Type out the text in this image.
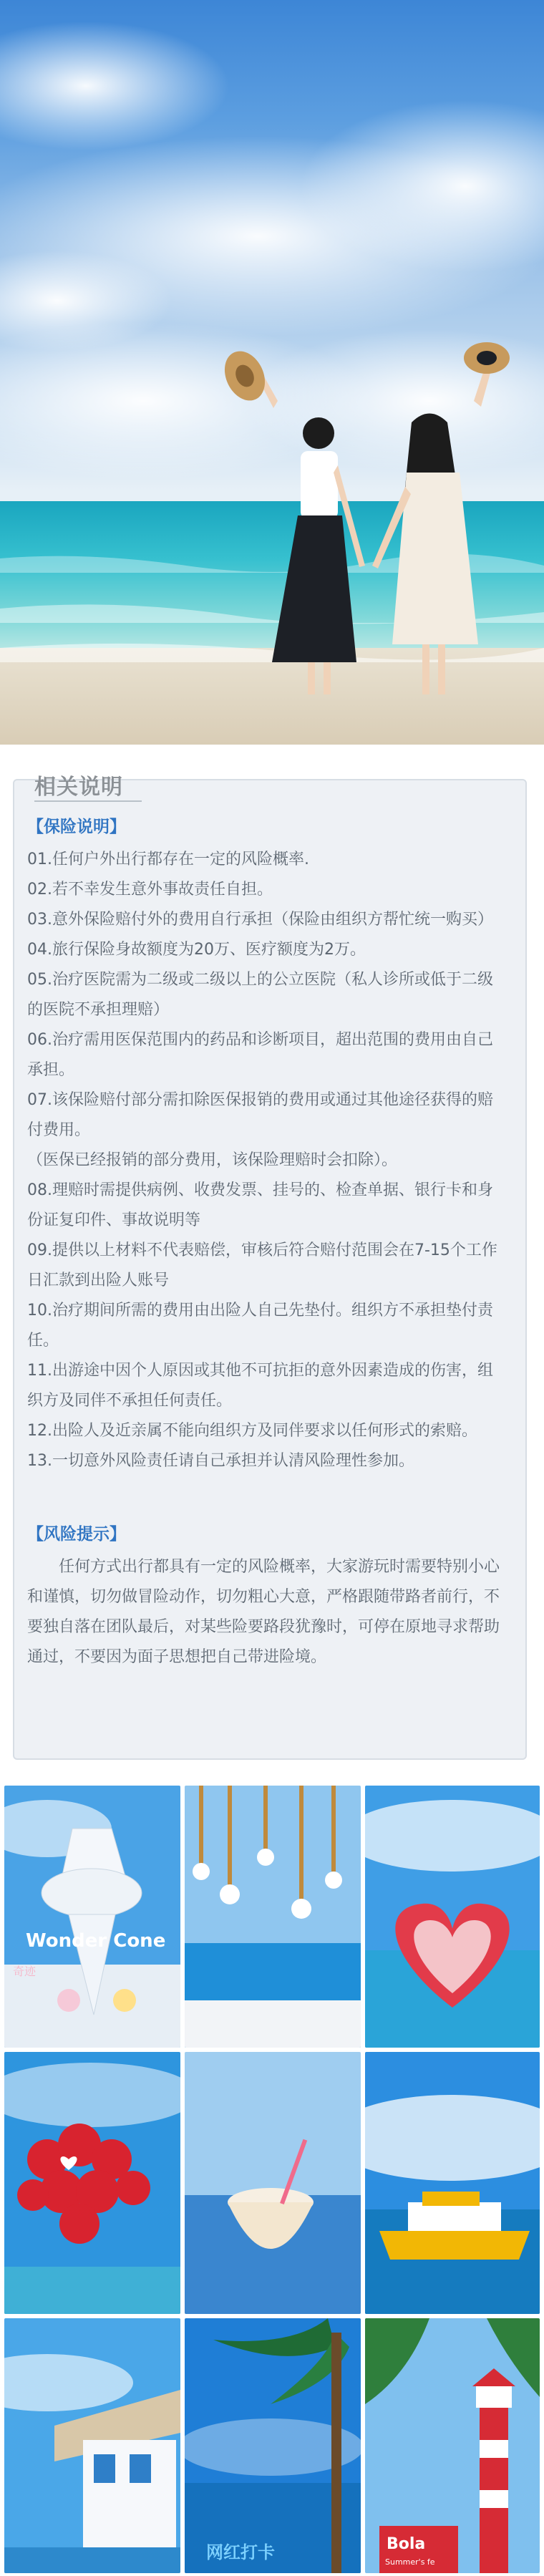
相关说明
【保险说明】

01.任何户外出行都存在一定的风险概率.

02.若不幸发生意外事故责任自担。

03.意外保险赔付外的费用自行承担（保险由组织方帮忙统一购买）

04.旅行保险身故额度为20万、医疗额度为2万。

05.治疗医院需为二级或二级以上的公立医院（私人诊所或低于二级的医院不承担理赔）

06.治疗需用医保范围内的药品和诊断项目，超出范围的费用由自己承担。

07.该保险赔付部分需扣除医保报销的费用或通过其他途径获得的赔付费用。

（医保已经报销的部分费用，该保险理赔时会扣除）。

08.理赔时需提供病例、收费发票、挂号的、检查单据、银行卡和身份证复印件、事故说明等

09.提供以上材料不代表赔偿，审核后符合赔付范围会在7-15个工作日汇款到出险人账号

10.治疗期间所需的费用由出险人自己先垫付。组织方不承担垫付责任。

11.出游途中因个人原因或其他不可抗拒的意外因素造成的伤害，组织方及同伴不承担任何责任。

12.出险人及近亲属不能向组织方及同伴要求以任何形式的索赔。

13.一切意外风险责任请自己承担并认清风险理性参加。

【风险提示】

任何方式出行都具有一定的风险概率，大家游玩时需要特别小心和谨慎，切勿做冒险动作，切勿粗心大意，严格跟随带路者前行，不要独自落在团队最后，对某些险要路段犹豫时，可停在原地寻求帮助通过，不要因为面子思想把自己带进险境。

Wonder Cone
奇迹
网红打卡	Bola
Summer's fe
